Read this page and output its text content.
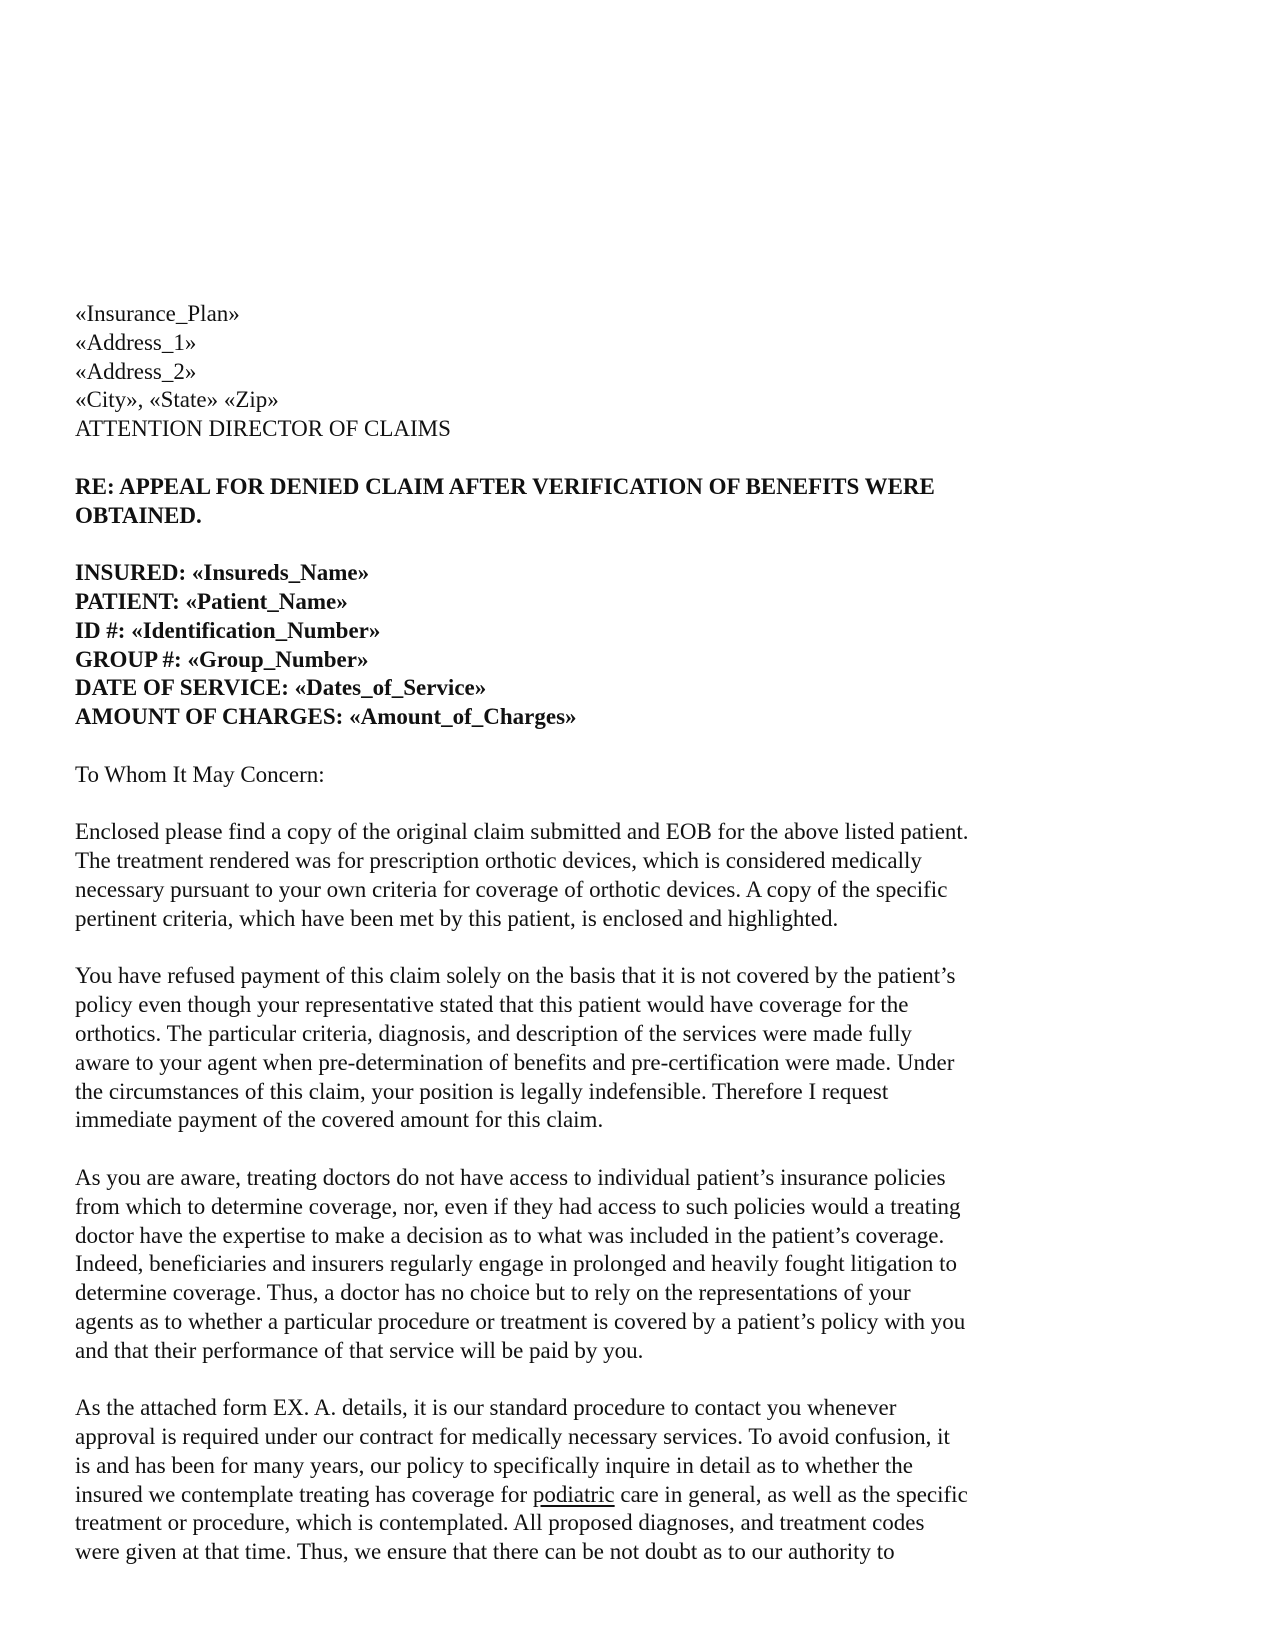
«Insurance_Plan»
«Address_1»
«Address_2»
«City», «State» «Zip»
ATTENTION DIRECTOR OF CLAIMS
RE: APPEAL FOR DENIED CLAIM AFTER VERIFICATION OF BENEFITS WERE
OBTAINED.
INSURED: «Insureds_Name»
PATIENT: «Patient_Name»
ID #: «Identification_Number»
GROUP #: «Group_Number»
DATE OF SERVICE: «Dates_of_Service»
AMOUNT OF CHARGES: «Amount_of_Charges»
To Whom It May Concern:
Enclosed please find a copy of the original claim submitted and EOB for the above listed patient.
The treatment rendered was for prescription orthotic devices, which is considered medically
necessary pursuant to your own criteria for coverage of orthotic devices. A copy of the specific
pertinent criteria, which have been met by this patient, is enclosed and highlighted.
You have refused payment of this claim solely on the basis that it is not covered by the patient’s
policy even though your representative stated that this patient would have coverage for the
orthotics. The particular criteria, diagnosis, and description of the services were made fully
aware to your agent when pre-determination of benefits and pre-certification were made. Under
the circumstances of this claim, your position is legally indefensible. Therefore I request
immediate payment of the covered amount for this claim.
As you are aware, treating doctors do not have access to individual patient’s insurance policies
from which to determine coverage, nor, even if they had access to such policies would a treating
doctor have the expertise to make a decision as to what was included in the patient’s coverage.
Indeed, beneficiaries and insurers regularly engage in prolonged and heavily fought litigation to
determine coverage. Thus, a doctor has no choice but to rely on the representations of your
agents as to whether a particular procedure or treatment is covered by a patient’s policy with you
and that their performance of that service will be paid by you.
As the attached form EX. A. details, it is our standard procedure to contact you whenever
approval is required under our contract for medically necessary services. To avoid confusion, it
is and has been for many years, our policy to specifically inquire in detail as to whether the
insured we contemplate treating has coverage for podiatric care in general, as well as the specific
treatment or procedure, which is contemplated. All proposed diagnoses, and treatment codes
were given at that time. Thus, we ensure that there can be not doubt as to our authority to
